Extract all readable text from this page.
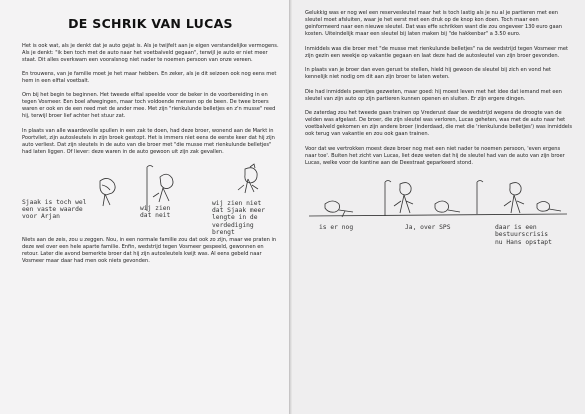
DE SCHRIK VAN LUCAS

Het is ook wat, als je denkt dat je auto gejat is. Als je twijfelt aan je eigen verstandelijke vermogens. Als je denkt: "ik ben toch met de auto naar het voetbalveld gegaan", terwijl je auto er niet meer staat. Dit alles overkwam een vooralsnog niet nader te noemen persoon van onze vereen.

En trouwens, van je familie moet je het maar hebben. En zeker, als je dit seizoen ook nog eens met hem in een elftal voetbalt.

Om bij het begin te beginnen. Het tweede elftal speelde voor de beker in de voorbereiding in en tegen Vosmeer. Een boel afwegingen, maar toch voldoende mensen op de been. De twee broers waren er ook en de een reed met de ander mee. Met zijn "rienkulunde belletjes en z'n musse" reed hij, terwijl broer lief achter het stuur zat.

In plaats van alle waardevolle spullen in een zak te doen, had deze broer, wonend aan de Markt in Poortvliet, zijn autosleutels in zijn broek gestopt. Het is immers niet eens de eerste keer dat hij zijn auto verliest. Dat zijn sleutels in de auto van die broer met "die musse met rienkulunde belletjes" had laten liggen. Of liever: deze waren in de auto gewoon uit zijn zak gevallen.

Sjaak is toch wel
een vaste waarde
voor Arjan
wij zien
dat neit
wij zien niet
dat Sjaak meer
lengte in de
verdediging
brengt

Niets aan de zeis, zou u zeggen. Nou, in een normale familie zou dat ook zo zijn, maar we praten in deze wel over een hele aparte familie. Enfin, wedstrijd tegen Vosmeer gespeeld, gewonnen en retour. Later die avond bemerkte broer dat hij zijn autosleutels kwijt was. Al eens gebeld naar Vosmeer maar daar had men ook niets gevonden.

Gelukkig was er nog wel een reservesleutel maar het is toch lastig als je nu al je partieren met een sleutel moet afsluiten, waar je het eerst met een druk op de knop kon doen. Toch maar een geinformeerd naar een nieuwe sleutel. Dat was effe schrikken want die zou ongeveer 130 euro gaan kosten. Uiteindelijk maar een sleutel bij laten maken bij "de hakkenbar" a 3.50 euro.

Inmiddels was die broer met "de musse met rienkulunde belletjes" na de wedstrijd tegen Vosmeer met zijn gezin een weekje op vakantie gegaan en laat deze had de autosleutel van zijn broer gevonden.

In plaats van je broer dan even gerust te stellen, hield hij gewoon de sleutel bij zich en vond het kennelijk niet nodig om dit aan zijn broer te laten weten.

Die had inmiddels peentjes gezweten, maar goed: hij moest leven met het idee dat iemand met een sleutel van zijn auto op zijn partieren kunnen openen en sluiten. Er zijn ergere dingen.

De zaterdag zou het tweede gaan trainen op Vrederust daar de wedstrijd wegens de droogte van de velden was afgelast. De broer, die zijn sleutel was verloren, Lucas geheten, was met de auto naar het voetbalveld gekomen en zijn andere broer (inderdaad, die met die 'rienkulunde belletjes') was inmiddels ook terug van vakantie en zou ook gaan trainen.

Voor dat we vertrokken moest deze broer nog met een niet nader te noemen persoon, 'even ergens naar toe'. Buiten het zicht van Lucas, liet deze weten dat hij de sleutel had van de auto van zijn broer Lucas, welke voor de kantine aan de Deestraat geparkeerd stond.

is er nog	Ja, over SPS	daar is een
bestuurscrisis
nu Hans opstapt
